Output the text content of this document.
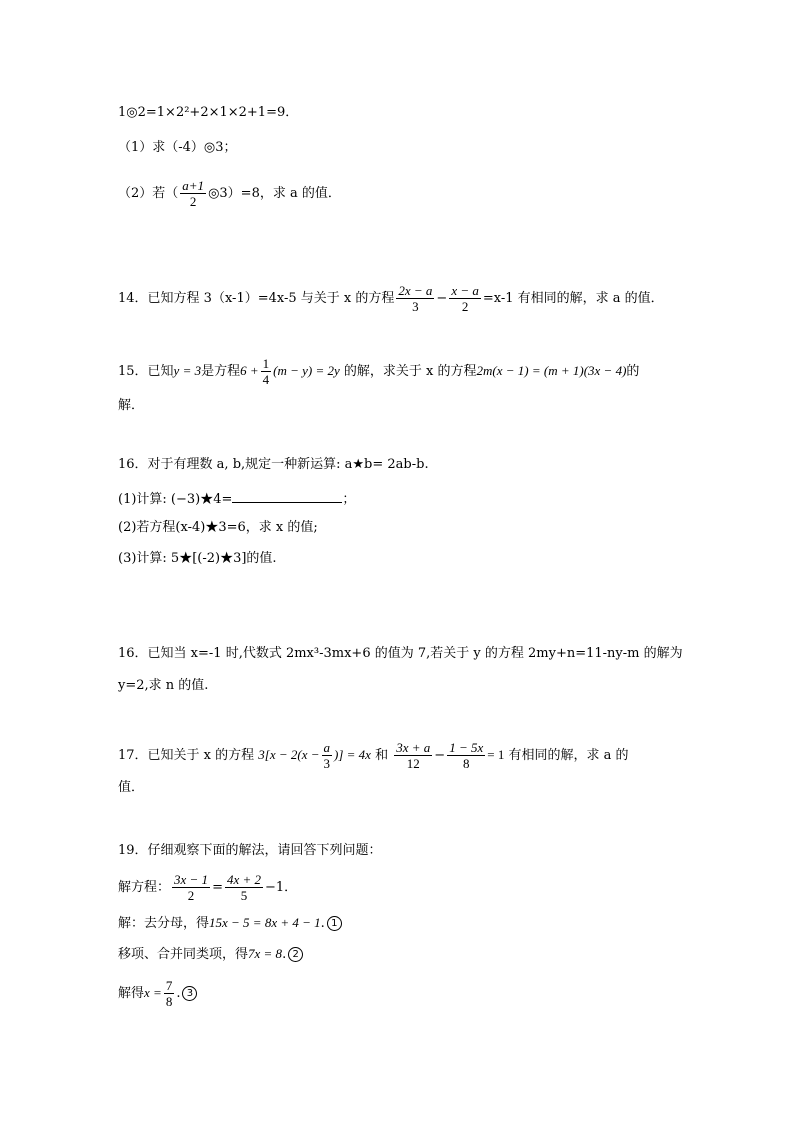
1◎2=1×2²+2×1×2+1=9．
（1）求（-4）◎3；
（2）若（ $\frac{a+1}{2}$ ◎3）=8，求 a 的值．
14．已知方程 3（x-1）=4x-5 与关于 x 的方程 $\frac{2x - a}{3} - \frac{x - a}{2} =x-1$ 有相同的解，求 a 的值．
15．已知y = 3是方程$6 + \frac{1}{4} (m - y) = 2y$ 的解，求关于 x 的方程2m(x − 1) = (m + 1)(3x − 4)的
解．
16．对于有理数 a, b,规定一种新运算: a★b= 2ab-b.
(1)计算: (−3)★4=	；
(2)若方程(x-4)★3=6，求 x 的值;
(3)计算: 5★[(-2)★3]的值.
16．已知当 x=-1 时,代数式 2mx³-3mx+6 的值为 7,若关于 y 的方程 2my+n=11-ny-m 的解为
y=2,求 n 的值.
17．已知关于 x 的方程 $3[x - 2(x - \frac{a}{3}$ )] = 4x 和 $\frac{3x + a}{12} - \frac{1 - 5x}{8} = 1$ 有相同的解，求 a 的
值．
19．仔细观察下面的解法，请回答下列问题：
解方程： $\frac{3x - 1}{2} = \frac{4x + 2}{5} -1$．
解：去分母，得15x − 5 = 8x + 4 − 1. 1
移项、合并同类项，得7x = 8. 2
解得$x = \frac{7}{8}$ . 3
